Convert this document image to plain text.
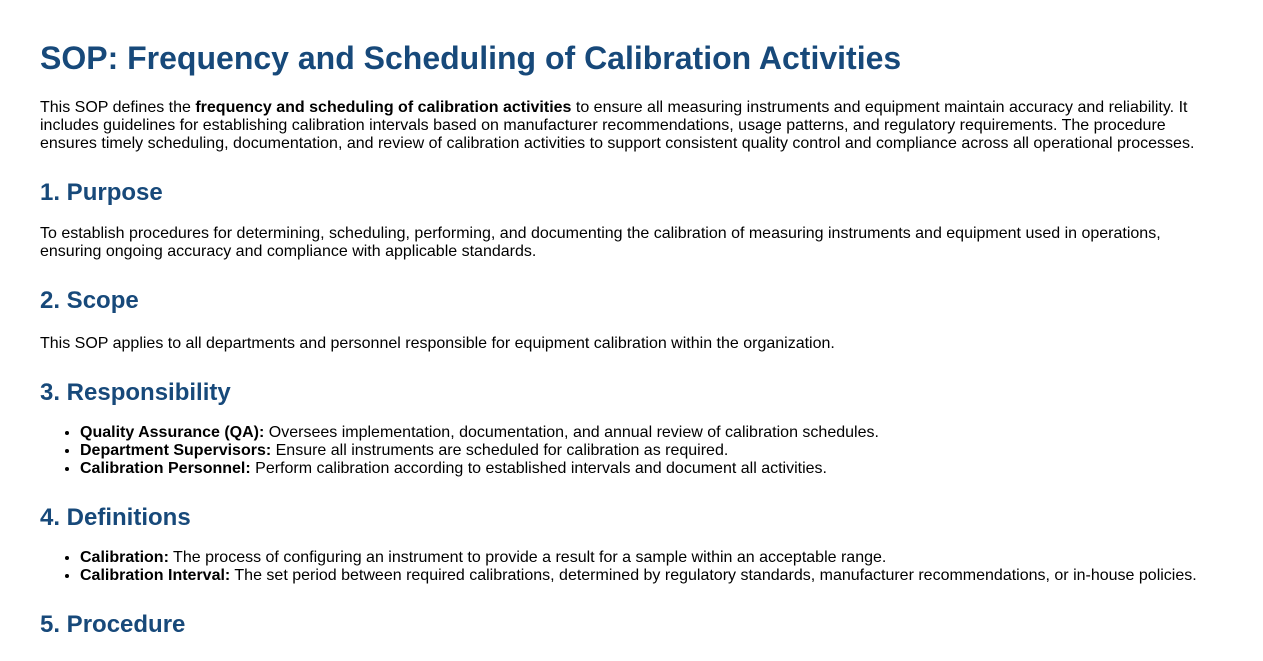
SOP: Frequency and Scheduling of Calibration Activities

This SOP defines the frequency and scheduling of calibration activities to ensure all measuring instruments and equipment maintain accuracy and reliability. It includes guidelines for establishing calibration intervals based on manufacturer recommendations, usage patterns, and regulatory requirements. The procedure ensures timely scheduling, documentation, and review of calibration activities to support consistent quality control and compliance across all operational processes.

1. Purpose

To establish procedures for determining, scheduling, performing, and documenting the calibration of measuring instruments and equipment used in operations, ensuring ongoing accuracy and compliance with applicable standards.

2. Scope

This SOP applies to all departments and personnel responsible for equipment calibration within the organization.

3. Responsibility
• Quality Assurance (QA): Oversees implementation, documentation, and annual review of calibration schedules.
• Department Supervisors: Ensure all instruments are scheduled for calibration as required.
• Calibration Personnel: Perform calibration according to established intervals and document all activities.
4. Definitions
• Calibration: The process of configuring an instrument to provide a result for a sample within an acceptable range.
• Calibration Interval: The set period between required calibrations, determined by regulatory standards, manufacturer recommendations, or in-house policies.
5. Procedure
